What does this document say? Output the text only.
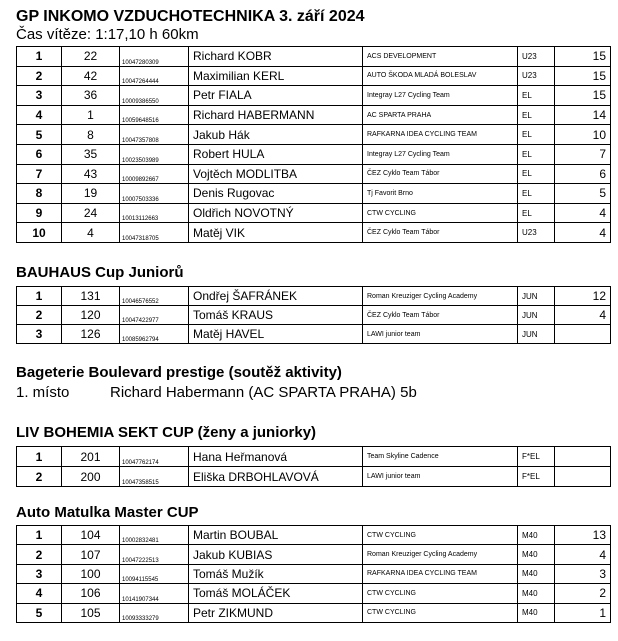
GP INKOMO VZDUCHOTECHNIKA 3. září 2024
Čas vítěze: 1:17,10 h 60km
1	22	10047280309	Richard KOBR	ACS DEVELOPMENT	U23	15
2	42	10047264444	Maximilian KERL	AUTO ŠKODA MLADÁ BOLESLAV	U23	15
3	36	10009386550	Petr FIALA	Integray L27 Cycling Team	EL	15
4	1	10059648516	Richard HABERMANN	AC SPARTA PRAHA	EL	14
5	8	10047357808	Jakub Hák	RAFKARNA IDEA CYCLING TEAM	EL	10
6	35	10023503989	Robert HULA	Integray L27 Cycling Team	EL	7
7	43	10009892667	Vojtěch MODLITBA	ČEZ Cyklo Team Tábor	EL	6
8	19	10007503336	Denis Rugovac	Tj Favorit Brno	EL	5
9	24	10013112663	Oldřich NOVOTNÝ	CTW CYCLING	EL	4
10	4	10047318705	Matěj VIK	ČEZ Cyklo Team Tábor	U23	4
BAUHAUS Cup Juniorů
1	131	10046576552	Ondřej ŠAFRÁNEK	Roman Kreuziger Cycling Academy	JUN	12
2	120	10047422977	Tomáš KRAUS	ČEZ Cyklo Team Tábor	JUN	4
3	126	10085962794	Matěj HAVEL	LAWI junior team	JUN	
Bageterie Boulevard prestige (soutěž aktivity)
1. místo	Richard Habermann (AC SPARTA PRAHA) 5b
LIV BOHEMIA SEKT CUP (ženy a juniorky)
1	201	10047762174	Hana Heřmanová	Team Skyline Cadence	F*EL	
2	200	10047358515	Eliška DRBOHLAVOVÁ	LAWI junior team	F*EL	
Auto Matulka Master CUP
1	104	10002832481	Martin BOUBAL	CTW CYCLING	M40	13
2	107	10047222513	Jakub KUBIAS	Roman Kreuziger Cycling Academy	M40	4
3	100	10094115545	Tomáš Mužík	RAFKARNA IDEA CYCLING TEAM	M40	3
4	106	10141907344	Tomáš MOLÁČEK	CTW CYCLING	M40	2
5	105	10093333279	Petr ZIKMUND	CTW CYCLING	M40	1
